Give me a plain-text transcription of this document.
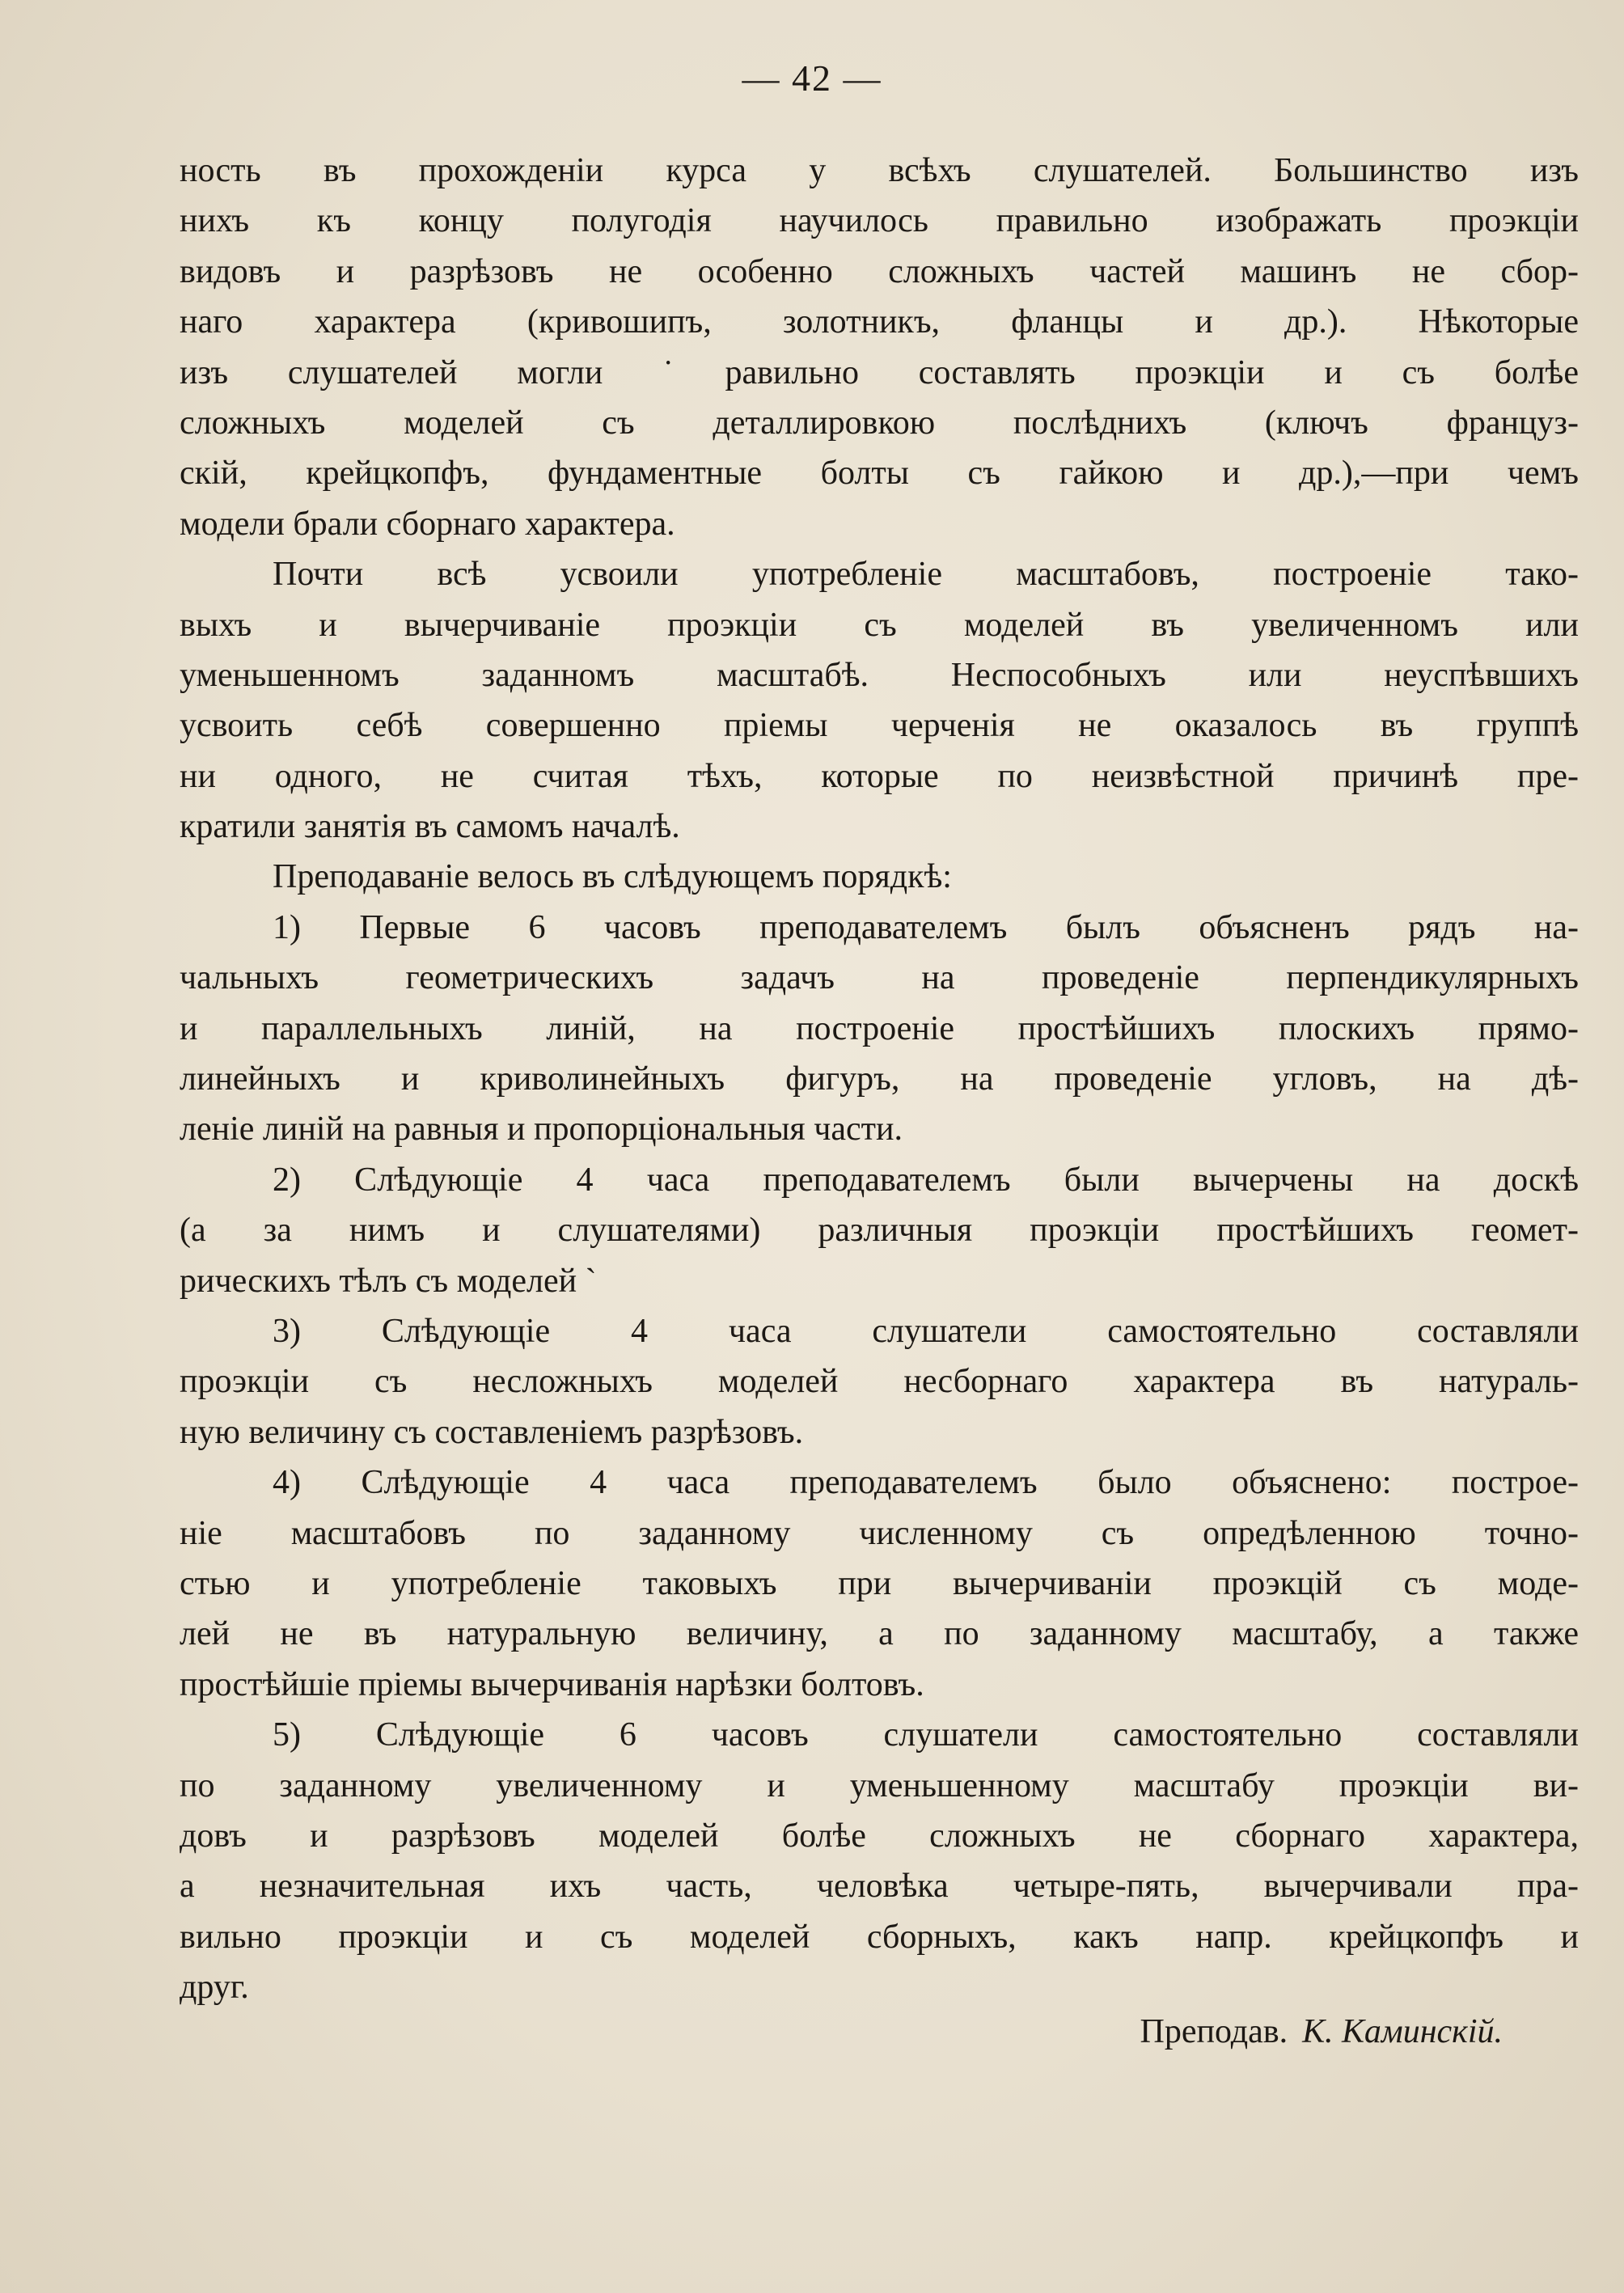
— 42 —
ность въ прохожденіи курса у всѣхъ слушателей. Большинство изъ
нихъ къ концу полугодія научилось правильно изображать проэкціи
видовъ и разрѣзовъ не особенно сложныхъ частей машинъ не сбор-
наго характера (кривошипъ, золотникъ, фланцы и др.). Нѣкоторые
изъ слушателей могли ˙равильно составлять проэкціи и съ болѣе
сложныхъ моделей съ деталлировкою послѣднихъ (ключъ француз-
скій, крейцкопфъ, фундаментные болты съ гайкою и др.),—при чемъ
модели брали сборнаго характера.
Почти всѣ усвоили употребленіе масштабовъ, построеніе тако-
выхъ и вычерчиваніе проэкціи съ моделей въ увеличенномъ или
уменьшенномъ заданномъ масштабѣ. Неспособныхъ или неуспѣвшихъ
усвоить себѣ совершенно пріемы черченія не оказалось въ группѣ
ни одного, не считая тѣхъ, которые по неизвѣстной причинѣ пре-
кратили занятія въ самомъ началѣ.
Преподаваніе велось въ слѣдующемъ порядкѣ:
1) Первые 6 часовъ преподавателемъ былъ объясненъ рядъ на-
чальныхъ геометрическихъ задачъ на проведеніе перпендикулярныхъ
и параллельныхъ линій, на построеніе простѣйшихъ плоскихъ прямо-
линейныхъ и криволинейныхъ фигуръ, на проведеніе угловъ, на дѣ-
леніе линій на равныя и пропорціональныя части.
2) Слѣдующіе 4 часа преподавателемъ были вычерчены на доскѣ
(а за нимъ и слушателями) различныя проэкціи простѣйшихъ геомет-
рическихъ тѣлъ съ моделей ˋ
3) Слѣдующіе 4 часа слушатели самостоятельно составляли
проэкціи съ несложныхъ моделей несборнаго характера въ натураль-
ную величину съ составленіемъ разрѣзовъ.
4) Слѣдующіе 4 часа преподавателемъ было объяснено: построе-
ніе масштабовъ по заданному численному съ опредѣленною точно-
стью и употребленіе таковыхъ при вычерчиваніи проэкцій съ моде-
лей не въ натуральную величину, а по заданному масштабу, а также
простѣйшіе пріемы вычерчиванія нарѣзки болтовъ.
5) Слѣдующіе 6 часовъ слушатели самостоятельно составляли
по заданному увеличенному и уменьшенному масштабу проэкціи ви-
довъ и разрѣзовъ моделей болѣе сложныхъ не сборнаго характера,
а незначительная ихъ часть, человѣка четыре-пять, вычерчивали пра-
вильно проэкціи и съ моделей сборныхъ, какъ напр. крейцкопфъ и
друг.
Преподав. К. Каминскій.
